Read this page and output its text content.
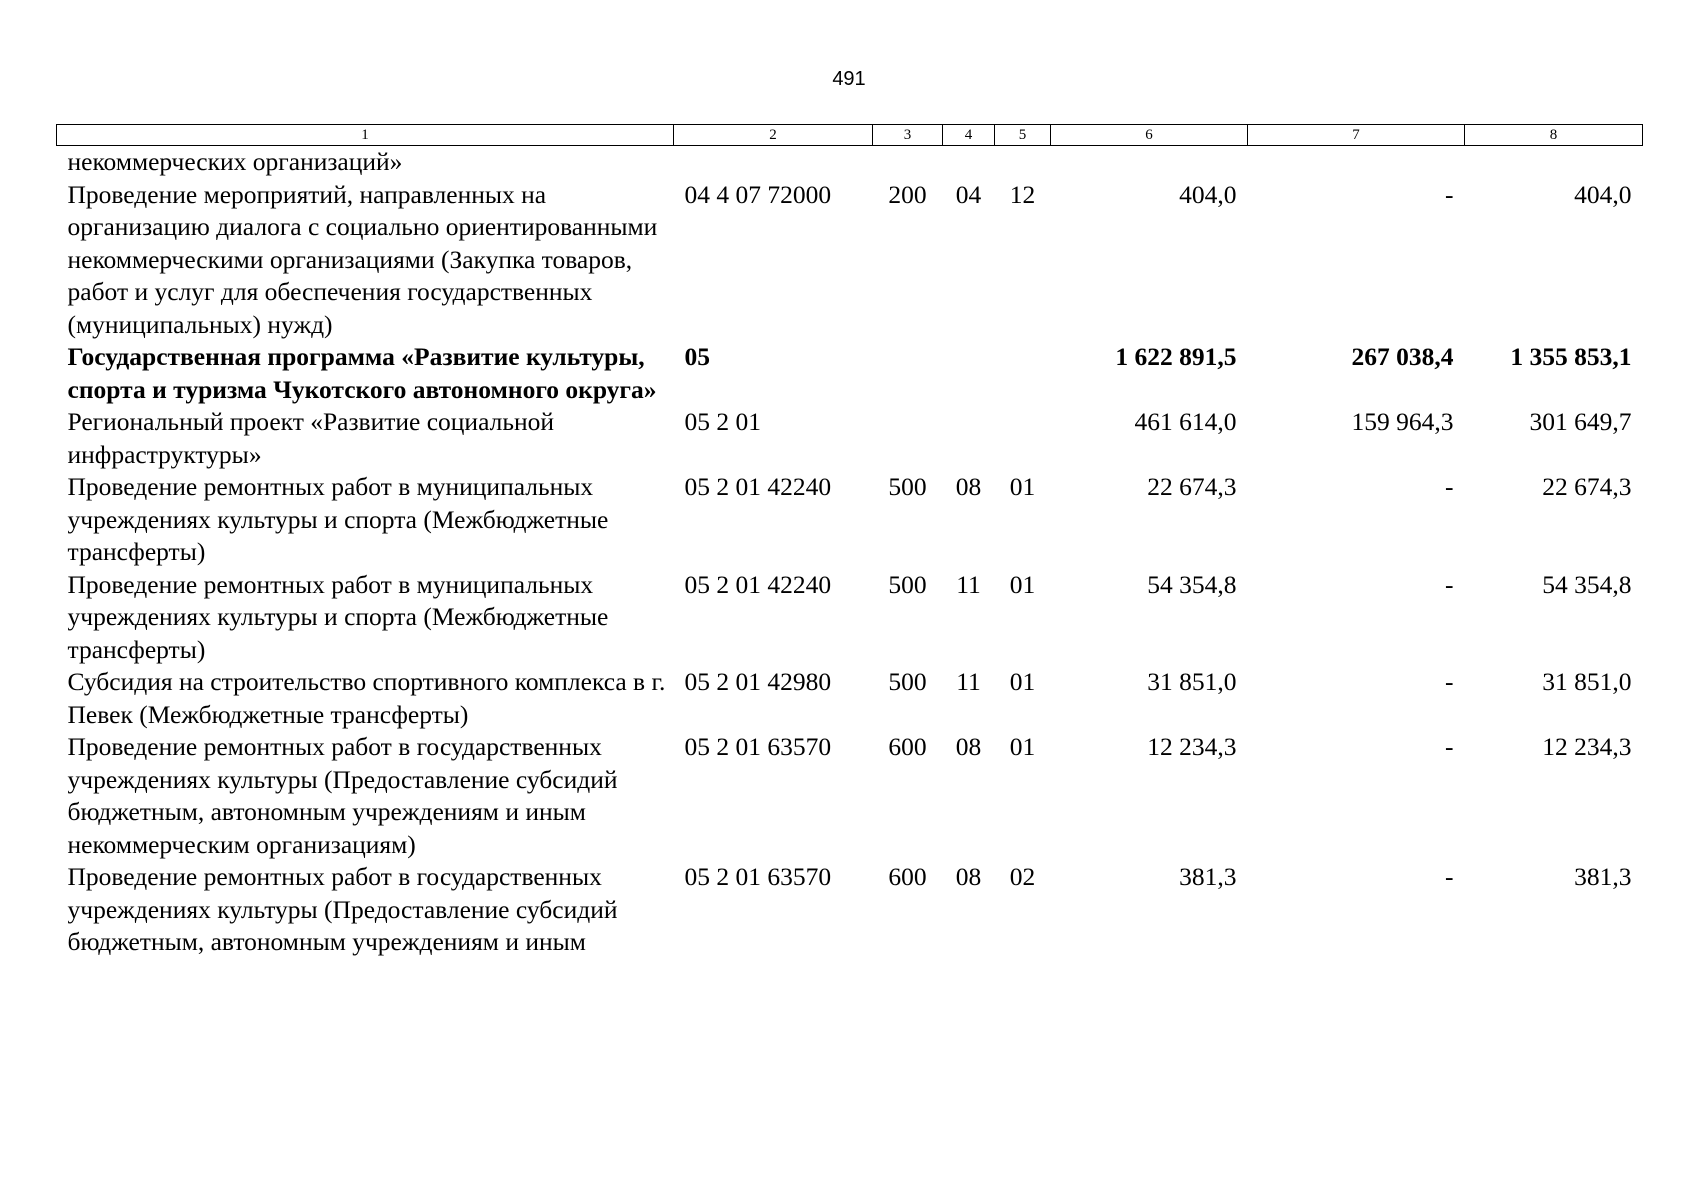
491
1	2	3	4	5	6	7	8
некоммерческих организаций»							
Проведение мероприятий, направленных на организацию диалога с социально ориентированными некоммерческими организациями (Закупка товаров, работ и услуг для обеспечения государственных (муниципальных) нужд)	04 4 07 72000	200	04	12	404,0	-	404,0
Государственная программа «Развитие культуры, спорта и туризма Чукотского автономного округа»	05				1 622 891,5	267 038,4	1 355 853,1
Региональный проект «Развитие социальной инфраструктуры»	05 2 01				461 614,0	159 964,3	301 649,7
Проведение ремонтных работ в муниципальных учреждениях культуры и спорта (Межбюджетные трансферты)	05 2 01 42240	500	08	01	22 674,3	-	22 674,3
Проведение ремонтных работ в муниципальных учреждениях культуры и спорта (Межбюджетные трансферты)	05 2 01 42240	500	11	01	54 354,8	-	54 354,8
Субсидия на строительство спортивного комплекса в г. Певек (Межбюджетные трансферты)	05 2 01 42980	500	11	01	31 851,0	-	31 851,0
Проведение ремонтных работ в государственных учреждениях культуры (Предоставление субсидий бюджетным, автономным учреждениям и иным некоммерческим организациям)	05 2 01 63570	600	08	01	12 234,3	-	12 234,3
Проведение ремонтных работ в государственных учреждениях культуры (Предоставление субсидий бюджетным, автономным учреждениям и иным	05 2 01 63570	600	08	02	381,3	-	381,3
